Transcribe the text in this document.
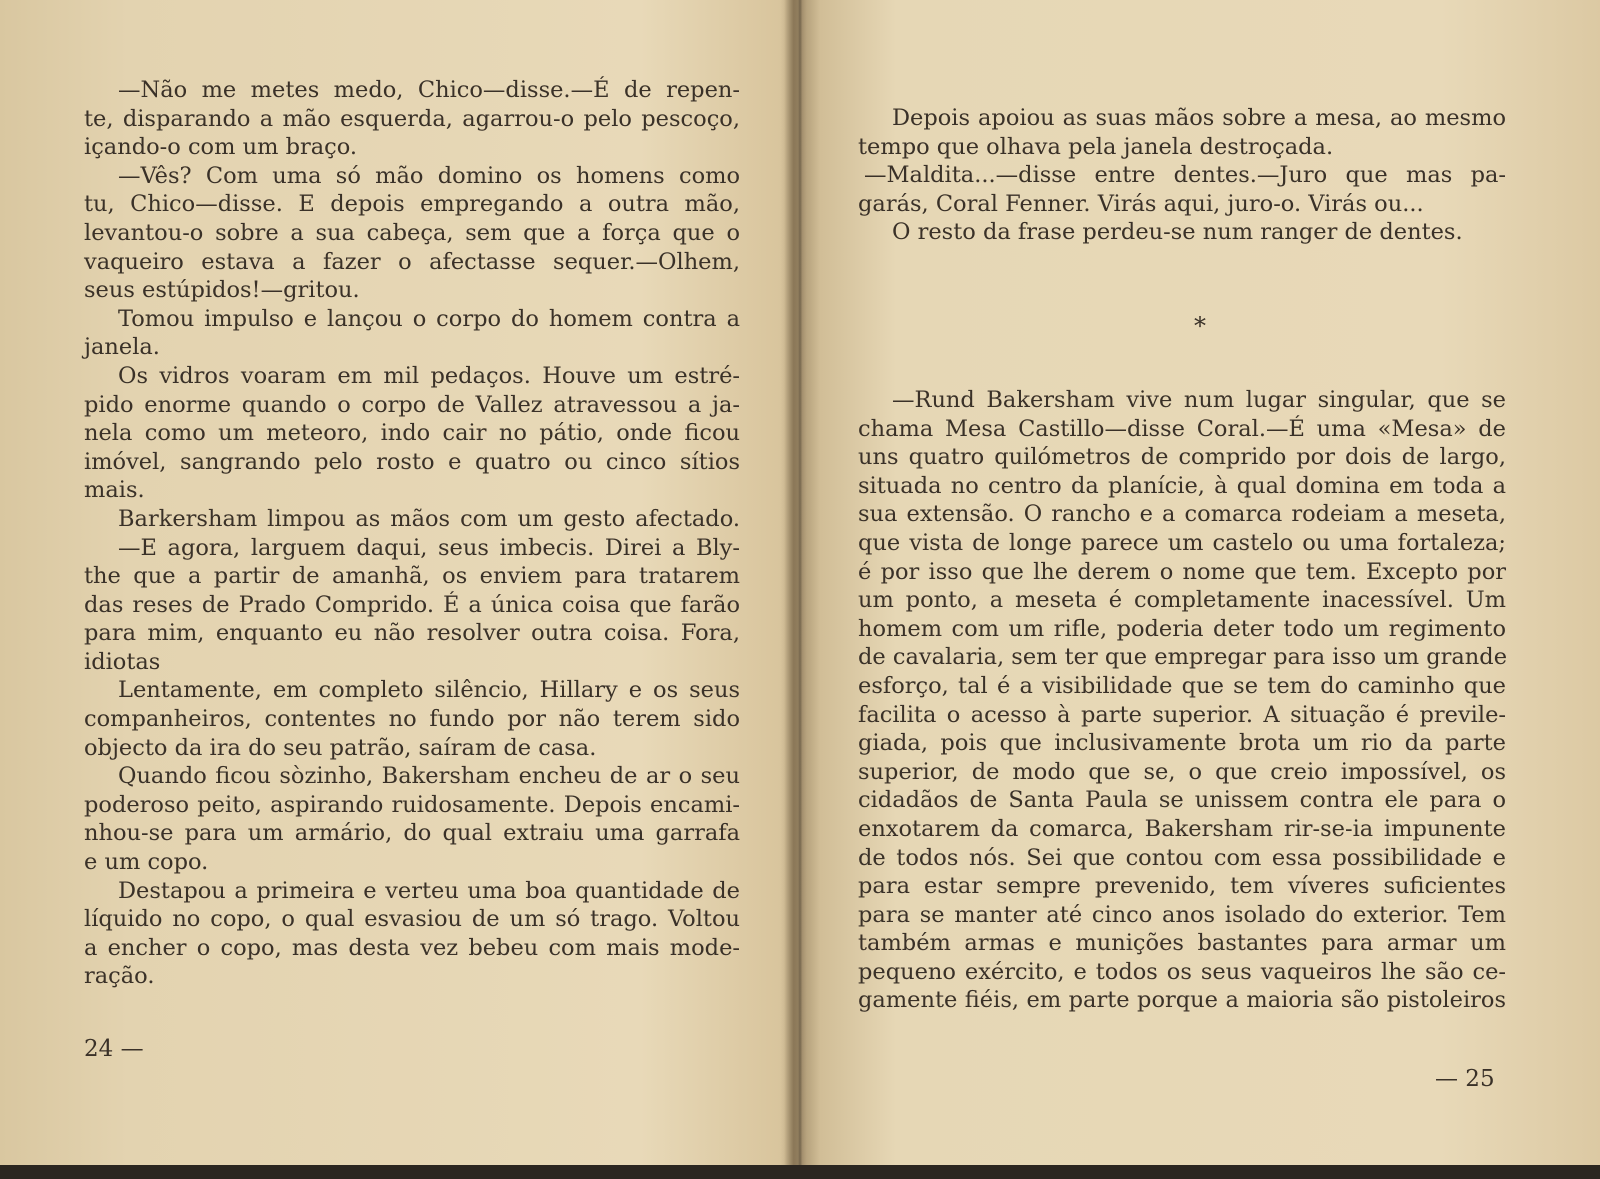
—Não me metes medo, Chico—disse.—É de repen-
te, disparando a mão esquerda, agarrou-o pelo pescoço,
içando-o com um braço.
—Vês? Com uma só mão domino os homens como
tu, Chico—disse. E depois empregando a outra mão,
levantou-o sobre a sua cabeça, sem que a força que o
vaqueiro estava a fazer o afectasse sequer.—Olhem,
seus estúpidos!—gritou.
Tomou impulso e lançou o corpo do homem contra a
janela.
Os vidros voaram em mil pedaços. Houve um estré-
pido enorme quando o corpo de Vallez atravessou a ja-
nela como um meteoro, indo cair no pátio, onde ficou
imóvel, sangrando pelo rosto e quatro ou cinco sítios
mais.
Barkersham limpou as mãos com um gesto afectado.
—E agora, larguem daqui, seus imbecis. Direi a Bly-
the que a partir de amanhã, os enviem para tratarem
das reses de Prado Comprido. É a única coisa que farão
para mim, enquanto eu não resolver outra coisa. Fora,
idiotas
Lentamente, em completo silêncio, Hillary e os seus
companheiros, contentes no fundo por não terem sido
objecto da ira do seu patrão, saíram de casa.
Quando ficou sòzinho, Bakersham encheu de ar o seu
poderoso peito, aspirando ruidosamente. Depois encami-
nhou-se para um armário, do qual extraiu uma garrafa
e um copo.
Destapou a primeira e verteu uma boa quantidade de
líquido no copo, o qual esvasiou de um só trago. Voltou
a encher o copo, mas desta vez bebeu com mais mode-
ração.
24 —
Depois apoiou as suas mãos sobre a mesa, ao mesmo
tempo que olhava pela janela destroçada.
—Maldita...—disse entre dentes.—Juro que mas pa-
garás, Coral Fenner. Virás aqui, juro-o. Virás ou...
O resto da frase perdeu-se num ranger de dentes.
*
—Rund Bakersham vive num lugar singular, que se
chama Mesa Castillo—disse Coral.—É uma «Mesa» de
uns quatro quilómetros de comprido por dois de largo,
situada no centro da planície, à qual domina em toda a
sua extensão. O rancho e a comarca rodeiam a meseta,
que vista de longe parece um castelo ou uma fortaleza;
é por isso que lhe derem o nome que tem. Excepto por
um ponto, a meseta é completamente inacessível. Um
homem com um rifle, poderia deter todo um regimento
de cavalaria, sem ter que empregar para isso um grande
esforço, tal é a visibilidade que se tem do caminho que
facilita o acesso à parte superior. A situação é previle-
giada, pois que inclusivamente brota um rio da parte
superior, de modo que se, o que creio impossível, os
cidadãos de Santa Paula se unissem contra ele para o
enxotarem da comarca, Bakersham rir-se-ia impunente
de todos nós. Sei que contou com essa possibilidade e
para estar sempre prevenido, tem víveres suficientes
para se manter até cinco anos isolado do exterior. Tem
também armas e munições bastantes para armar um
pequeno exército, e todos os seus vaqueiros lhe são ce-
gamente fiéis, em parte porque a maioria são pistoleiros
— 25
